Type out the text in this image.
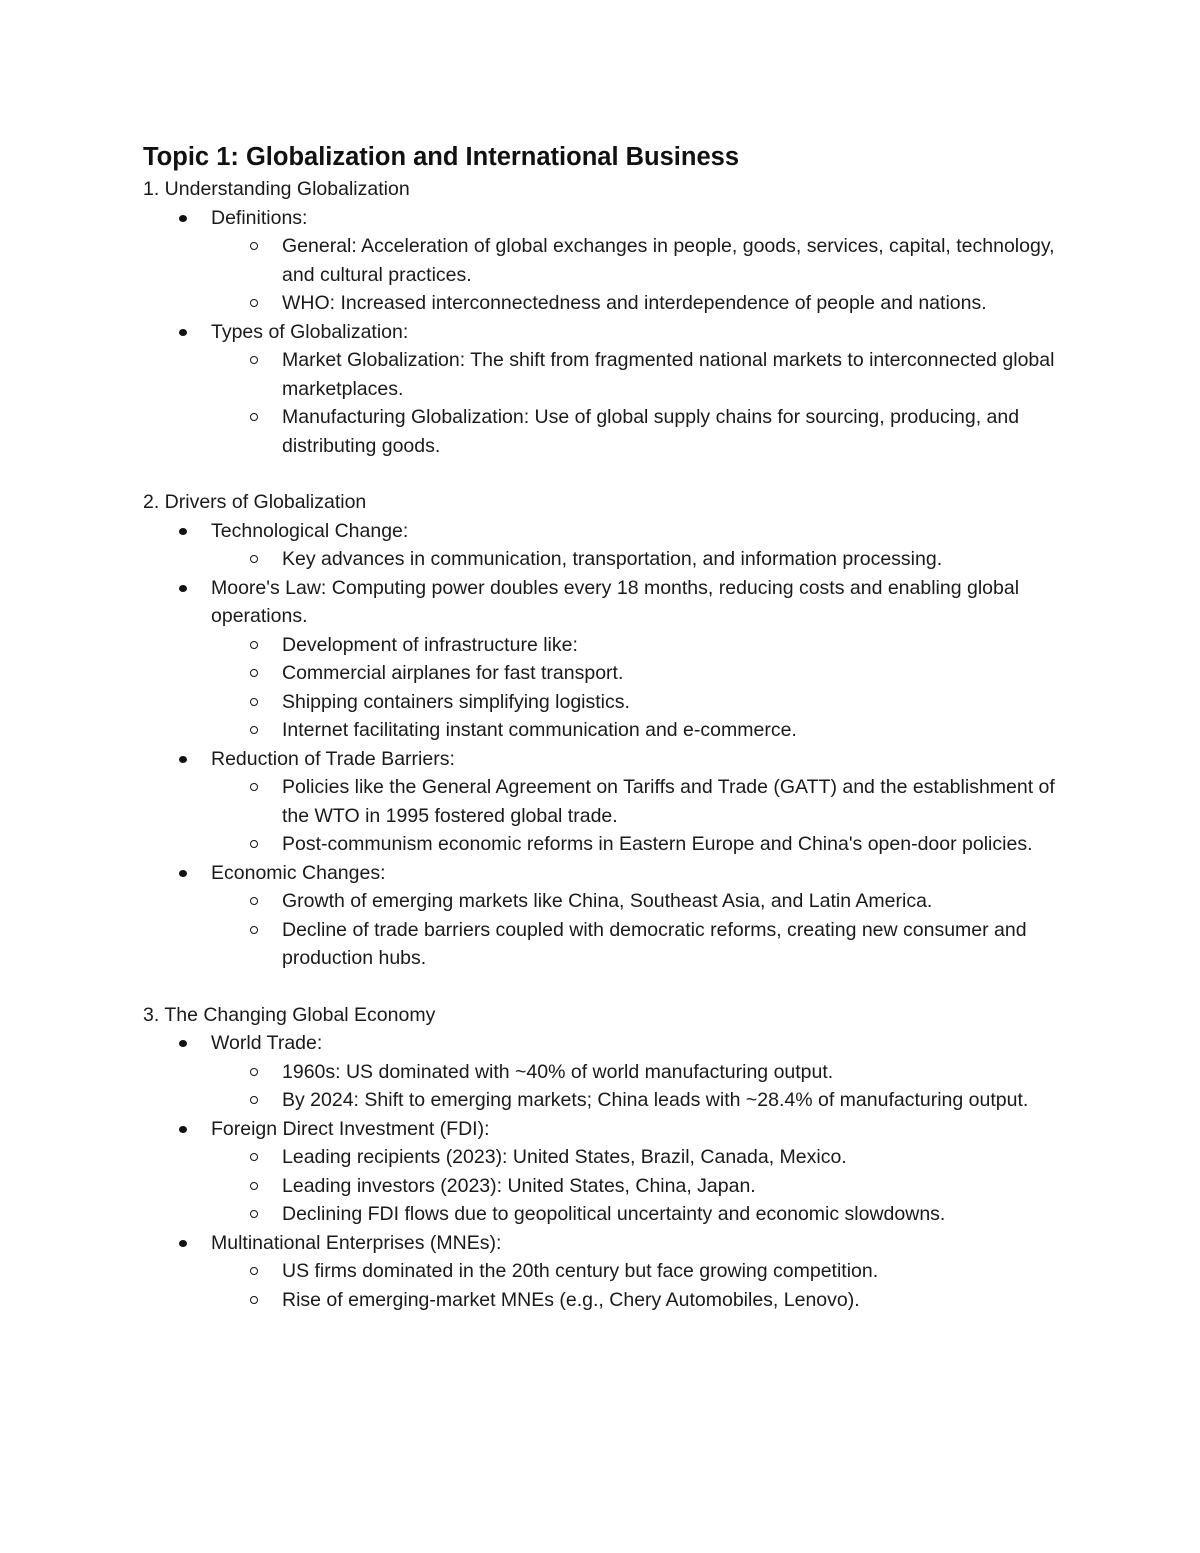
Topic 1: Globalization and International Business
1. Understanding Globalization
Definitions:
General: Acceleration of global exchanges in people, goods, services, capital, technology, and cultural practices.
WHO: Increased interconnectedness and interdependence of people and nations.
Types of Globalization:
Market Globalization: The shift from fragmented national markets to interconnected global marketplaces.
Manufacturing Globalization: Use of global supply chains for sourcing, producing, and distributing goods.
2. Drivers of Globalization
Technological Change:
Key advances in communication, transportation, and information processing.
Moore's Law: Computing power doubles every 18 months, reducing costs and enabling global operations.
Development of infrastructure like:
Commercial airplanes for fast transport.
Shipping containers simplifying logistics.
Internet facilitating instant communication and e-commerce.
Reduction of Trade Barriers:
Policies like the General Agreement on Tariffs and Trade (GATT) and the establishment of the WTO in 1995 fostered global trade.
Post-communism economic reforms in Eastern Europe and China's open-door policies.
Economic Changes:
Growth of emerging markets like China, Southeast Asia, and Latin America.
Decline of trade barriers coupled with democratic reforms, creating new consumer and production hubs.
3. The Changing Global Economy
World Trade:
1960s: US dominated with ~40% of world manufacturing output.
By 2024: Shift to emerging markets; China leads with ~28.4% of manufacturing output.
Foreign Direct Investment (FDI):
Leading recipients (2023): United States, Brazil, Canada, Mexico.
Leading investors (2023): United States, China, Japan.
Declining FDI flows due to geopolitical uncertainty and economic slowdowns.
Multinational Enterprises (MNEs):
US firms dominated in the 20th century but face growing competition.
Rise of emerging-market MNEs (e.g., Chery Automobiles, Lenovo).
